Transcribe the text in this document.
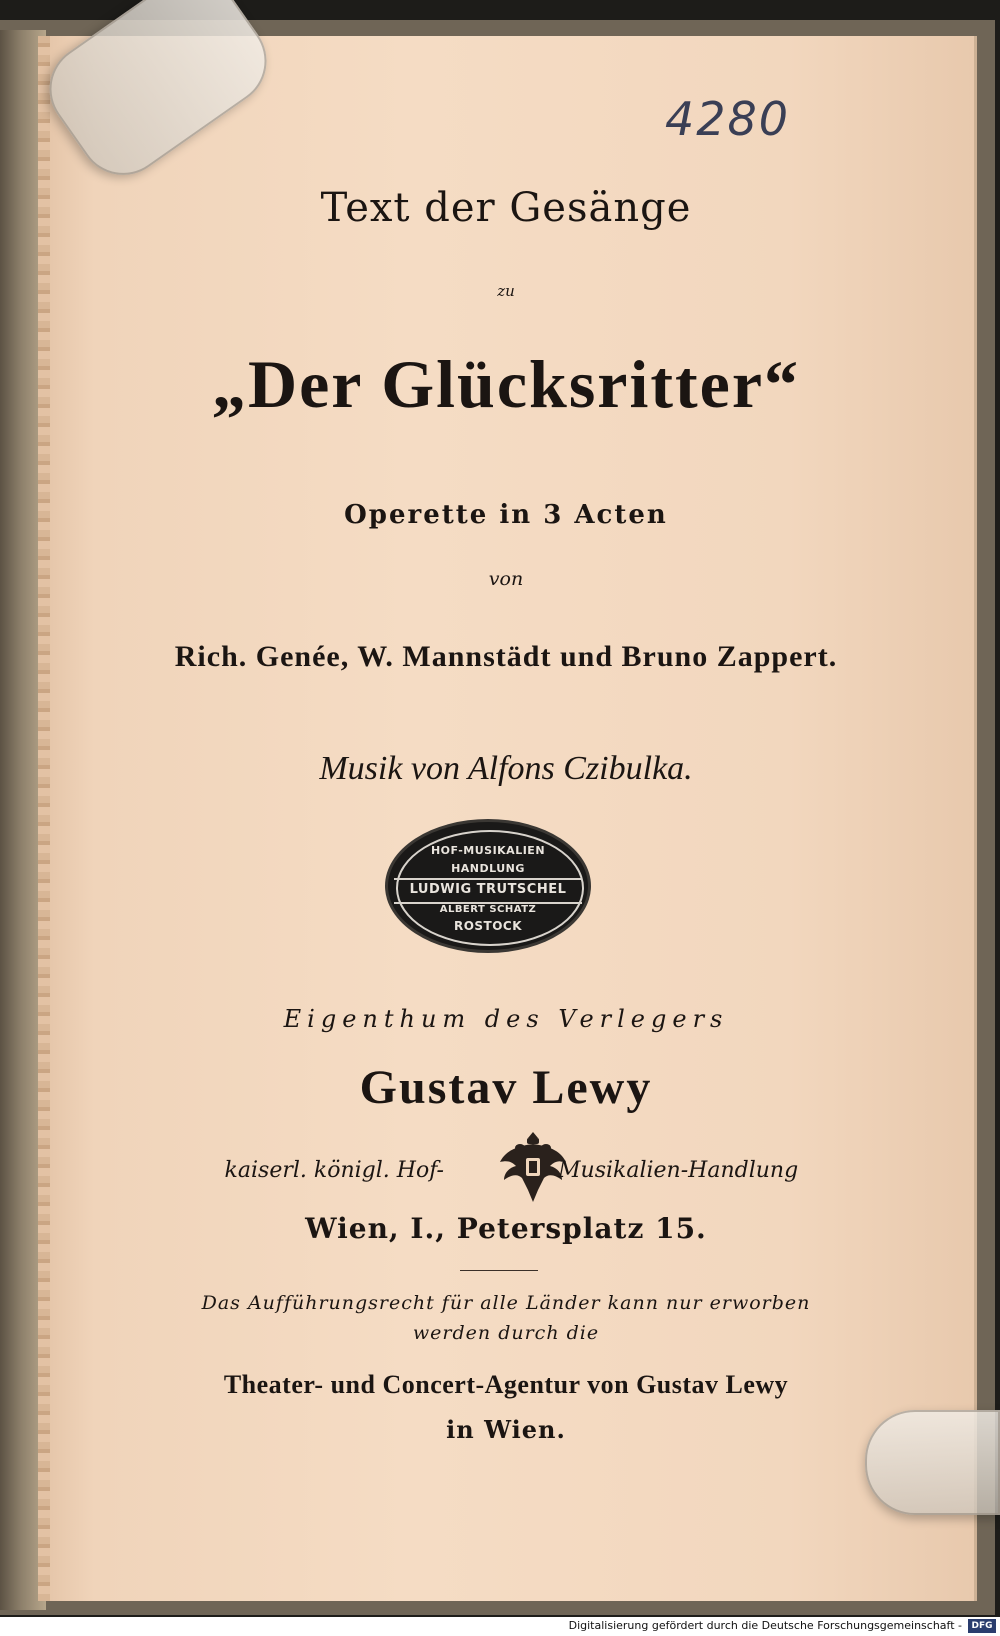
4280
Text der Gesänge
zu
„Der Glücksritter“
Operette in 3 Acten
von
Rich. Genée, W. Mannstädt und Bruno Zappert.
Musik von Alfons Czibulka.
HOF-MUSIKALIEN
HANDLUNG
LUDWIG TRUTSCHEL
ALBERT SCHATZ
ROSTOCK
Eigenthum des Verlegers
Gustav Lewy
kaiserl. königl. Hof-	Musikalien-Handlung
Wien, I., Petersplatz 15.
Das Aufführungsrecht für alle Länder kann nur erworben
werden durch die
Theater- und Concert-Agentur von Gustav Lewy
in Wien.
Digitalisierung gefördert durch die Deutsche Forschungsgemeinschaft -	DFG
